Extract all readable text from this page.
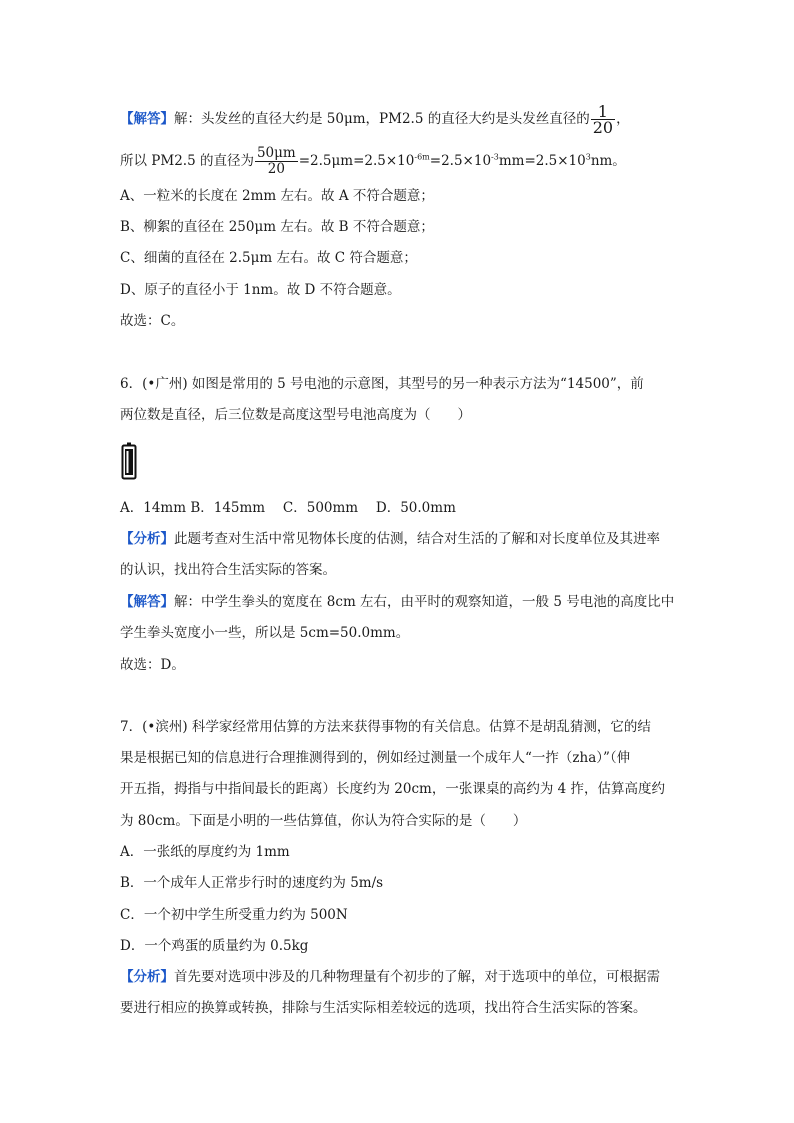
【解答】解：头发丝的直径大约是 50μm，PM2.5 的直径大约是头发丝直径的 $\frac{1}{20}$ ，
所以 PM2.5 的直径为 $\frac{50\mu m}{20} =2.5\mu m=2.5\times 10^{-6m}=2.5\times 10^{-3}mm=2.5\times 10^3nm$。
A、一粒米的长度在 2mm 左右。故 A 不符合题意；
B、柳絮的直径在 250μm 左右。故 B 不符合题意；
C、细菌的直径在 2.5μm 左右。故 C 符合题意；
D、原子的直径小于 1nm。故 D 不符合题意。
故选：C。
6．(•广州) 如图是常用的 5 号电池的示意图，其型号的另一种表示方法为“14500”，前
两位数是直径，后三位数是高度这型号电池高度为（　　）
A．14mm B．145mm　 C．500mm　 D．50.0mm
【分析】此题考查对生活中常见物体长度的估测，结合对生活的了解和对长度单位及其进率
的认识，找出符合生活实际的答案。
【解答】解：中学生拳头的宽度在 8cm 左右，由平时的观察知道，一般 5 号电池的高度比中
学生拳头宽度小一些，所以是 5cm=50.0mm。
故选：D。
7．(•滨州) 科学家经常用估算的方法来获得事物的有关信息。估算不是胡乱猜测，它的结
果是根据已知的信息进行合理推测得到的，例如经过测量一个成年人“一拃（zha）”（伸
开五指，拇指与中指间最长的距离）长度约为 20cm，一张课桌的高约为 4 拃，估算高度约
为 80cm。下面是小明的一些估算值，你认为符合实际的是（　　）
A．一张纸的厚度约为 1mm
B．一个成年人正常步行时的速度约为 5m/s
C．一个初中学生所受重力约为 500N
D．一个鸡蛋的质量约为 0.5kg
【分析】首先要对选项中涉及的几种物理量有个初步的了解，对于选项中的单位，可根据需
要进行相应的换算或转换，排除与生活实际相差较远的选项，找出符合生活实际的答案。
